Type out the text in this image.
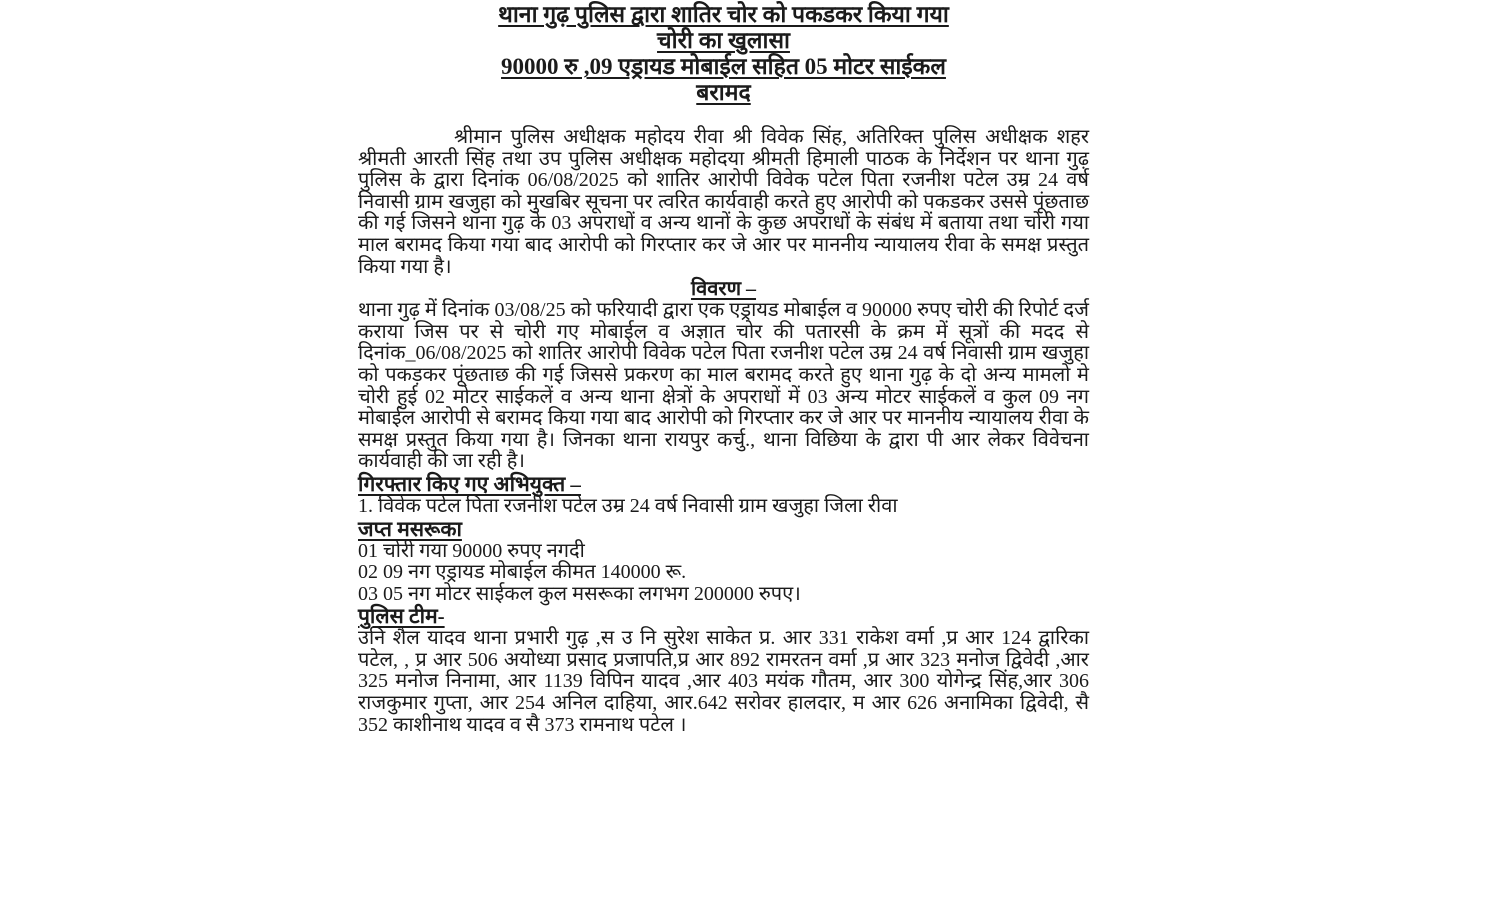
थाना गुढ़ पुलिस द्वारा शातिर चोर को पकडकर किया गया
चोरी का खुलासा
90000 रु ,09 एड्रायड मोबाईल सहित 05 मोटर साईकल
बरामद
श्रीमान पुलिस अधीक्षक महोदय रीवा श्री विवेक सिंह, अतिरिक्त पुलिस अधीक्षक शहर श्रीमती आरती सिंह तथा उप पुलिस अधीक्षक महोदया श्रीमती हिमाली पाठक के निर्देशन पर थाना गुढ़ पुलिस के द्वारा दिनांक 06/08/2025 को शातिर आरोपी विवेक पटेल पिता रजनीश पटेल उम्र 24 वर्ष निवासी ग्राम खजुहा को मुखबिर सूचना पर त्वरित कार्यवाही करते हुए आरोपी को पकडकर उससे पूंछताछ की गई जिसने थाना गुढ़ के 03 अपराधों व अन्य थानों के कुछ अपराधों के संबंध में बताया तथा चोरी गया माल बरामद किया गया बाद आरोपी को गिरप्तार कर जे आर पर माननीय न्यायालय रीवा के समक्ष प्रस्तुत किया गया है।
विवरण –
थाना गुढ़ में दिनांक 03/08/25 को फरियादी द्वारा एक एड्रायड मोबाईल व 90000 रुपए चोरी की रिपोर्ट दर्ज कराया जिस पर से चोरी गए मोबाईल व अज्ञात चोर की पतारसी के क्रम में सूत्रों की मदद से दिनांक_06/08/2025 को शातिर आरोपी विवेक पटेल पिता रजनीश पटेल उम्र 24 वर्ष निवासी ग्राम खजुहा को पकड़कर पूंछताछ की गई जिससे प्रकरण का माल बरामद करते हुए थाना गुढ़ के दो अन्य मामलो मे चोरी हुई 02 मोटर साईकलें व अन्य थाना क्षेत्रों के अपराधों में 03 अन्य मोटर साईकलें व कुल 09 नग मोबाईल आरोपी से बरामद किया गया बाद आरोपी को गिरप्तार कर जे आर पर माननीय न्यायालय रीवा के समक्ष प्रस्तुत किया गया है। जिनका थाना रायपुर कर्चु., थाना विछिया के द्वारा पी आर लेकर विवेचना कार्यवाही की जा रही है।
गिरफ्तार किए गए अभियुक्त –
1. विवेक पटेल पिता रजनीश पटेल उम्र 24 वर्ष निवासी ग्राम खजुहा जिला रीवा
जप्त मसरूका
01 चोरी गया 90000 रुपए नगदी
02 09 नग एड्रायड मोबाईल कीमत 140000 रू.
03 05 नग मोटर साईकल कुल मसरूका लगभग 200000 रुपए।
पुलिस टीम-
उनि शैल यादव थाना प्रभारी गुढ़ ,स उ नि सुरेश साकेत प्र. आर 331 राकेश वर्मा ,प्र आर 124 द्वारिका पटेल, , प्र आर 506 अयोध्या प्रसाद प्रजापति,प्र आर 892 रामरतन वर्मा ,प्र आर 323 मनोज द्विवेदी ,आर 325 मनोज निनामा, आर 1139 विपिन यादव ,आर 403 मयंक गौतम, आर 300 योगेन्द्र सिंह,आर 306 राजकुमार गुप्ता, आर 254 अनिल दाहिया, आर.642 सरोवर हालदार, म आर 626 अनामिका द्विवेदी, सै 352 काशीनाथ यादव व सै 373 रामनाथ पटेल ।
